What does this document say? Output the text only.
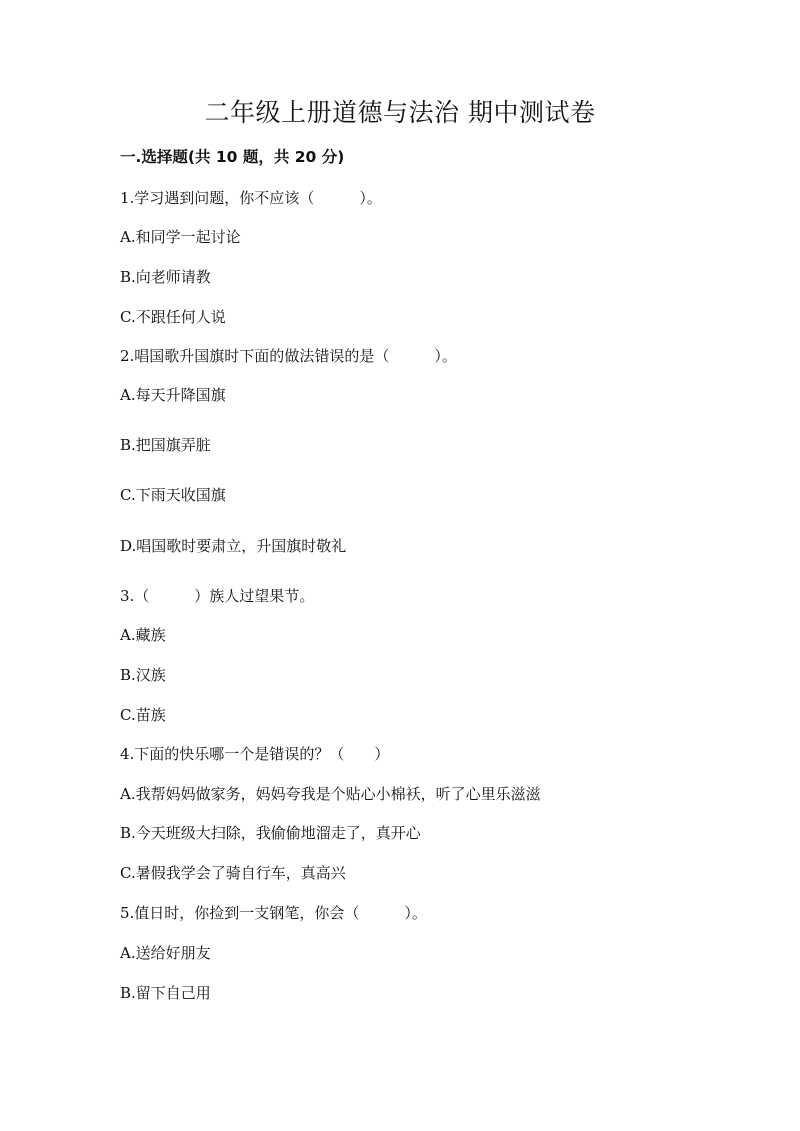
二年级上册道德与法治 期中测试卷
一.选择题(共 10 题，共 20 分)
1.学习遇到问题，你不应该（　　　）。
A.和同学一起讨论
B.向老师请教
C.不跟任何人说
2.唱国歌升国旗时下面的做法错误的是（　　　）。
A.每天升降国旗
B.把国旗弄脏
C.下雨天收国旗
D.唱国歌时要肃立，升国旗时敬礼
3.（　　　）族人过望果节。
A.藏族
B.汉族
C.苗族
4.下面的快乐哪一个是错误的？（　　）
A.我帮妈妈做家务，妈妈夸我是个贴心小棉袄，听了心里乐滋滋
B.今天班级大扫除，我偷偷地溜走了，真开心
C.暑假我学会了骑自行车，真高兴
5.值日时，你捡到一支钢笔，你会（　　　）。
A.送给好朋友
B.留下自己用
